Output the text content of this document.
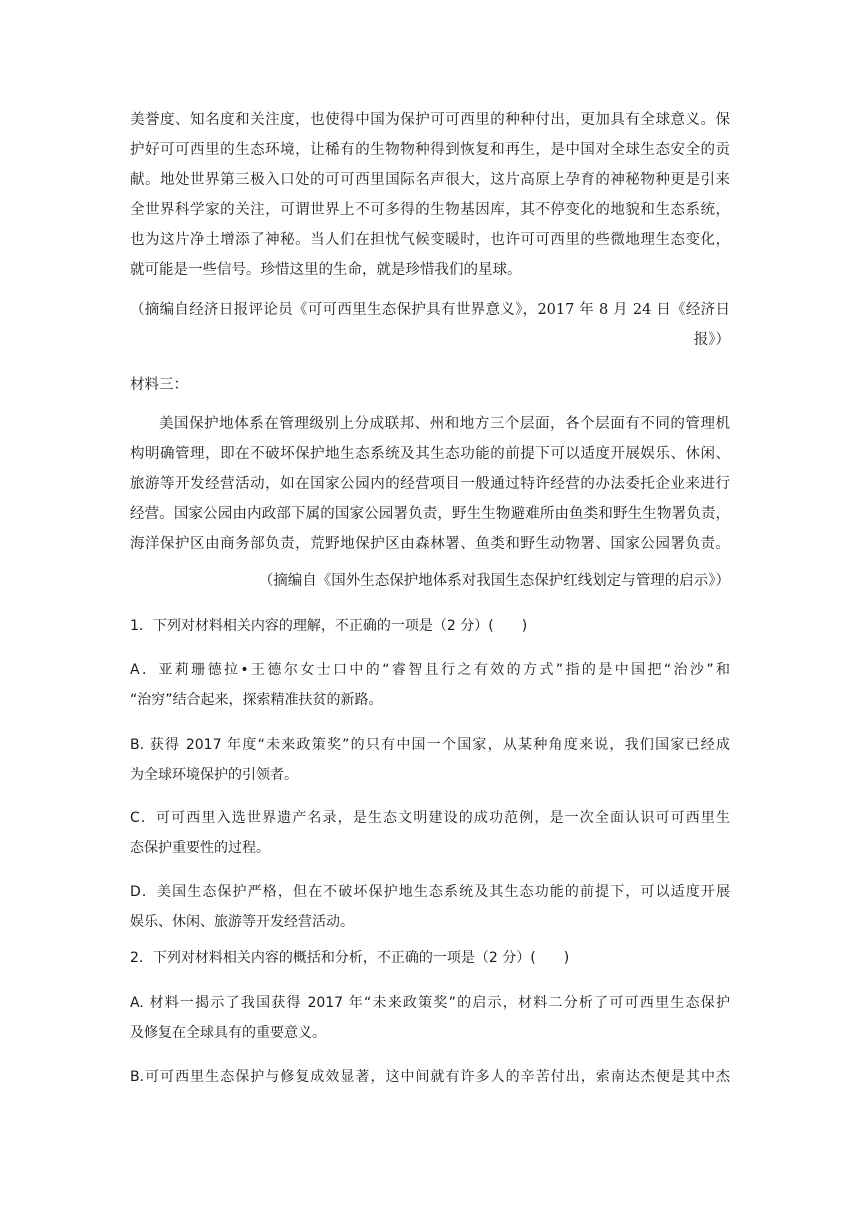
美誉度、知名度和关注度，也使得中国为保护可可西里的种种付出，更加具有全球意义。保
护好可可西里的生态环境，让稀有的生物物种得到恢复和再生，是中国对全球生态安全的贡
献。地处世界第三极入口处的可可西里国际名声很大，这片高原上孕育的神秘物种更是引来
全世界科学家的关注，可谓世界上不可多得的生物基因库，其不停变化的地貌和生态系统，
也为这片净土增添了神秘。当人们在担忧气候变暖时，也许可可西里的些微地理生态变化，
就可能是一些信号。珍惜这里的生命，就是珍惜我们的星球。
（摘编自经济日报评论员《可可西里生态保护具有世界意义》，2017 年 8 月 24 日《经济日
报》）
材料三：
美国保护地体系在管理级别上分成联邦、州和地方三个层面，各个层面有不同的管理机
构明确管理，即在不破坏保护地生态系统及其生态功能的前提下可以适度开展娱乐、休闲、
旅游等开发经营活动，如在国家公园内的经营项目一般通过特许经营的办法委托企业来进行
经营。国家公园由内政部下属的国家公园署负责，野生生物避难所由鱼类和野生生物署负责，
海洋保护区由商务部负责，荒野地保护区由森林署、鱼类和野生动物署、国家公园署负责。
（摘编自《国外生态保护地体系对我国生态保护红线划定与管理的启示》）
1．下列对材料相关内容的理解，不正确的一项是（2 分）(　　)
A．亚莉珊德拉•王德尔女士口中的“睿智且行之有效的方式”指的是中国把“治沙”和
“治穷”结合起来，探索精准扶贫的新路。
B. 获得 2017 年度“未来政策奖”的只有中国一个国家，从某种角度来说，我们国家已经成
为全球环境保护的引领者。
C．可可西里入选世界遗产名录，是生态文明建设的成功范例，是一次全面认识可可西里生
态保护重要性的过程。
D．美国生态保护严格，但在不破坏保护地生态系统及其生态功能的前提下，可以适度开展
娱乐、休闲、旅游等开发经营活动。
2．下列对材料相关内容的概括和分析，不正确的一项是（2 分）(　　)
A. 材料一揭示了我国获得 2017 年“未来政策奖”的启示，材料二分析了可可西里生态保护
及修复在全球具有的重要意义。
B.可可西里生态保护与修复成效显著，这中间就有许多人的辛苦付出，索南达杰便是其中杰
